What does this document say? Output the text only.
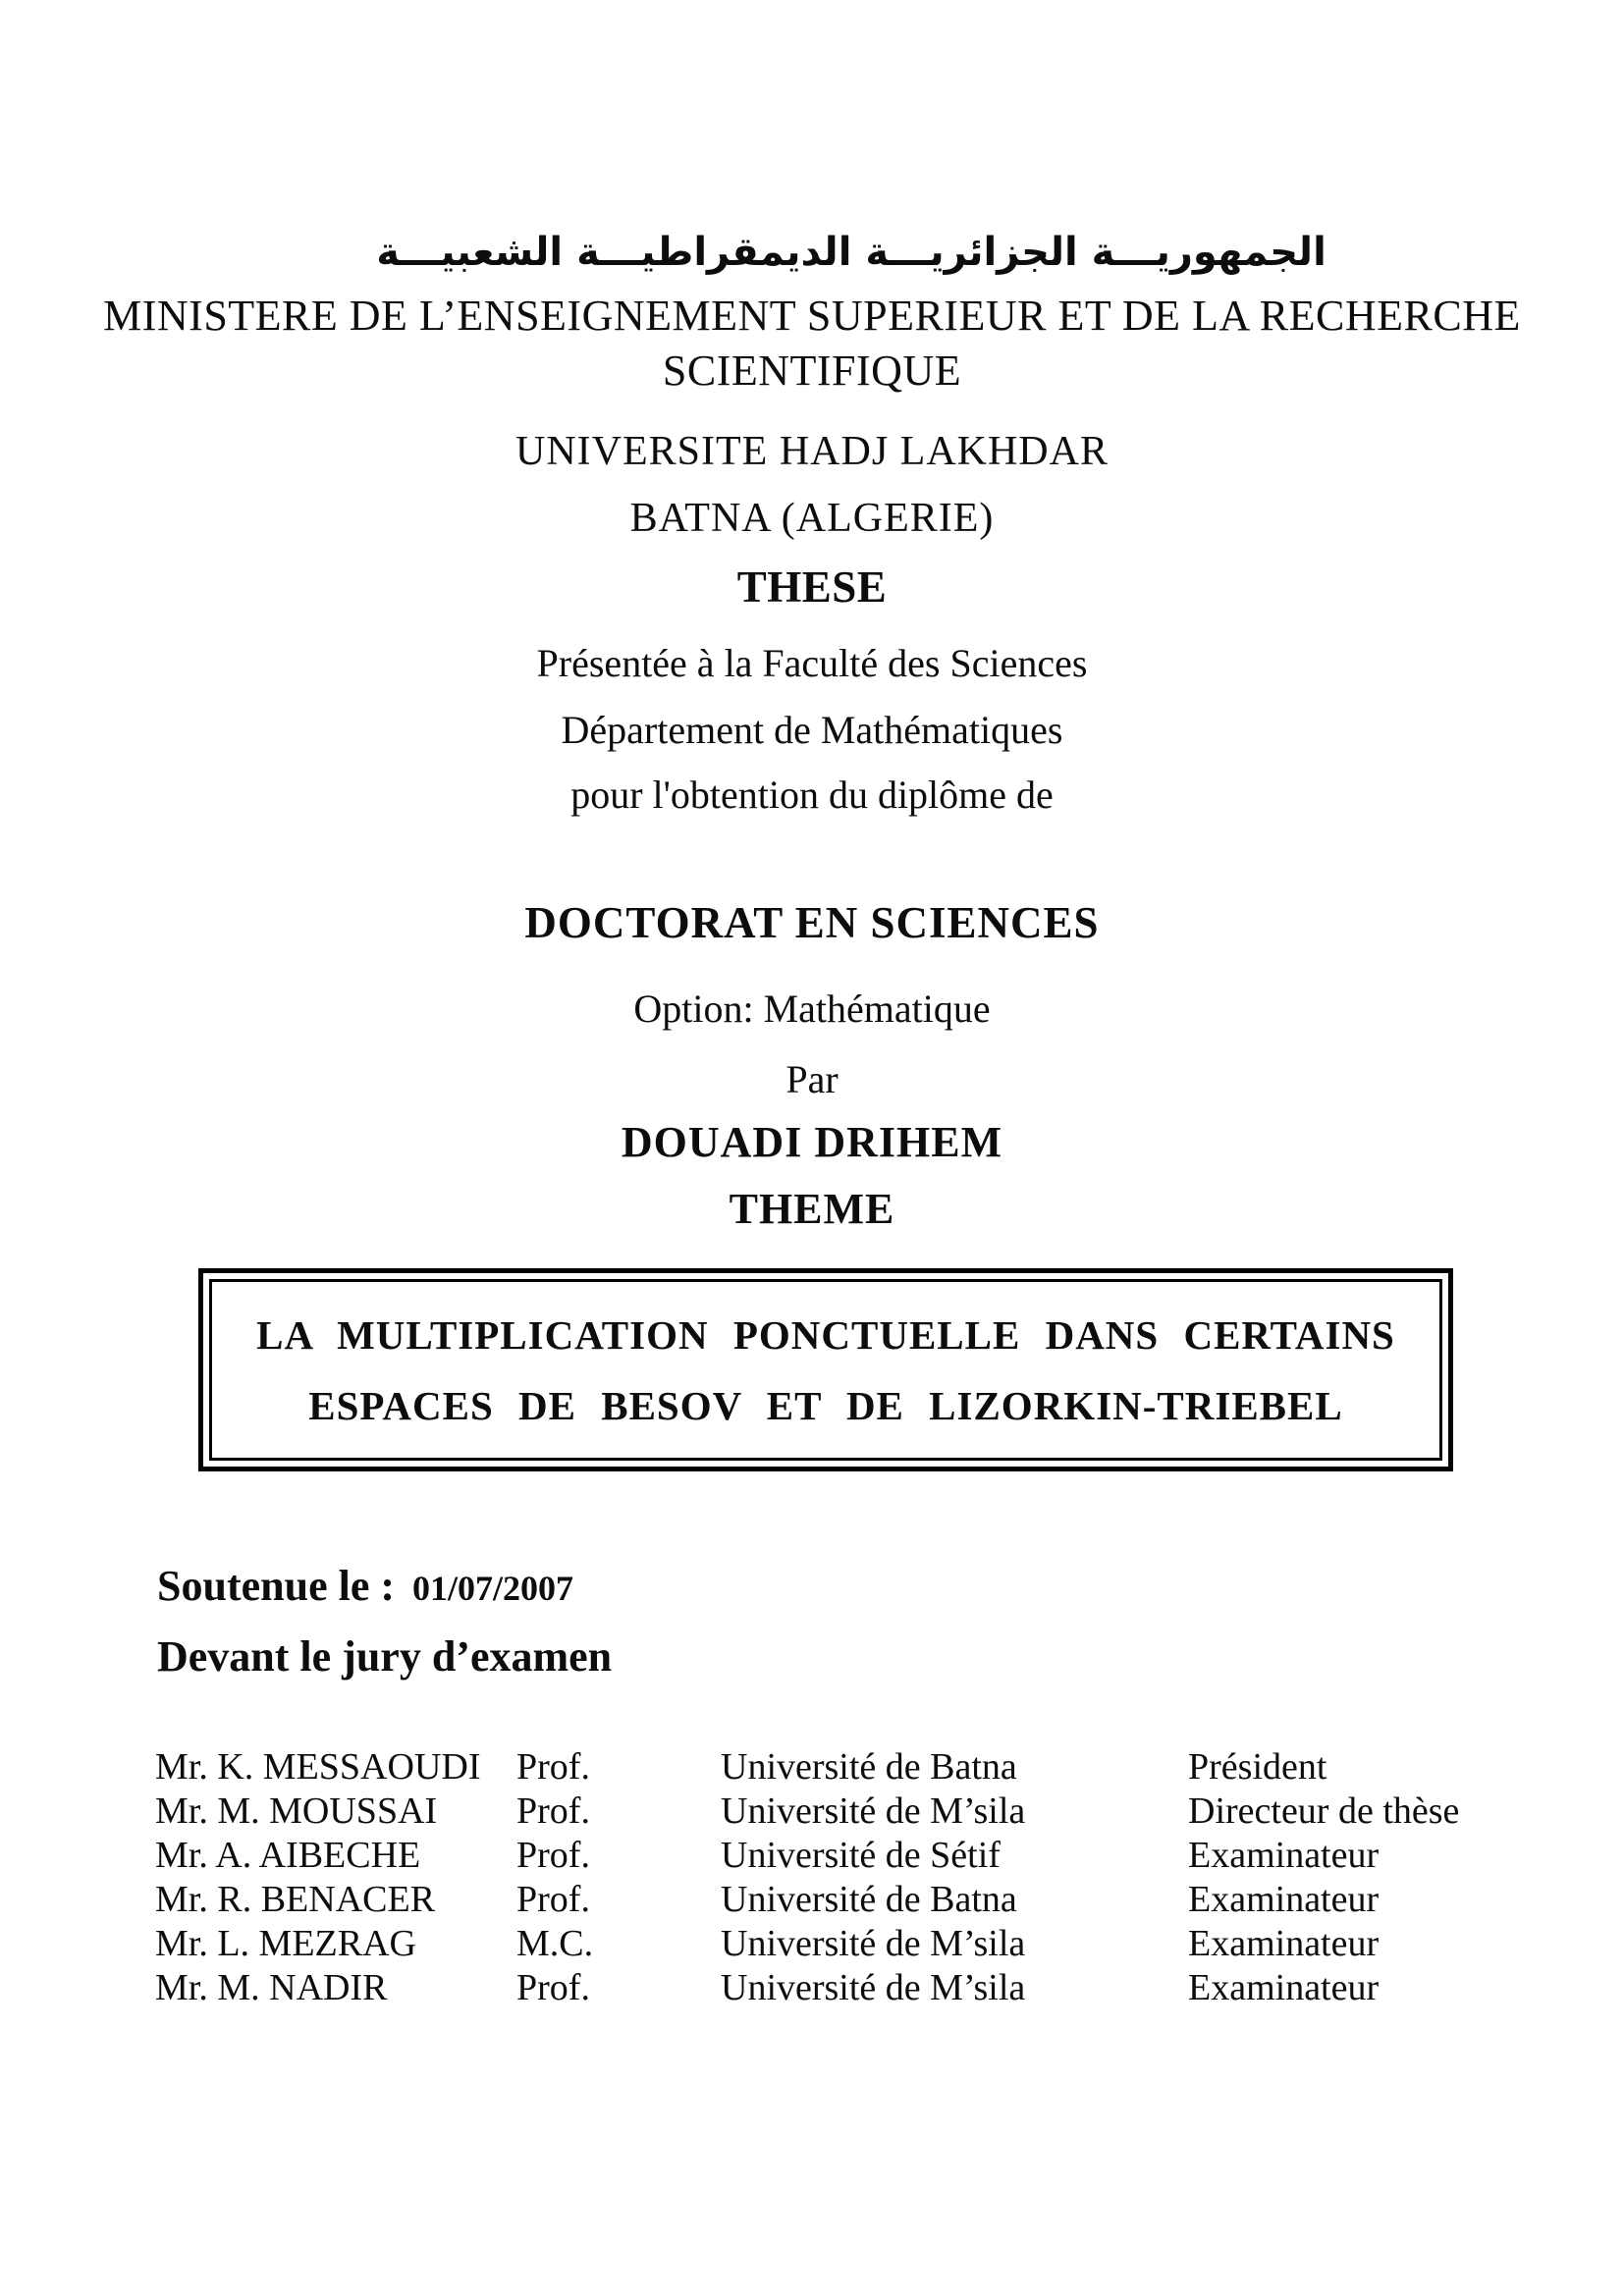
الجمهوريـــة الجزائريـــة الديمقراطيـــة الشعبيـــة
MINISTERE DE L’ENSEIGNEMENT SUPERIEUR ET DE LA RECHERCHE
SCIENTIFIQUE
UNIVERSITE HADJ LAKHDAR
BATNA (ALGERIE)
THESE
Présentée à la Faculté des Sciences
Département de Mathématiques
pour l'obtention du diplôme de
DOCTORAT EN SCIENCES
Option: Mathématique
Par
DOUADI DRIHEM
THEME
LA MULTIPLICATION PONCTUELLE DANS CERTAINS
ESPACES DE BESOV ET DE LIZORKIN-TRIEBEL
Soutenue le : 01/07/2007
Devant le jury d’examen
Mr. K. MESSAOUDI Prof.	Université de Batna	Président
Mr. M. MOUSSAI	Prof.	Université de M’sila	Directeur de thèse
Mr. A. AIBECHE	Prof.	Université de Sétif	Examinateur
Mr. R. BENACER	Prof.	Université de Batna	Examinateur
Mr. L. MEZRAG	M.C.	Université de M’sila	Examinateur
Mr. M. NADIR	Prof.	Université de M’sila	Examinateur
